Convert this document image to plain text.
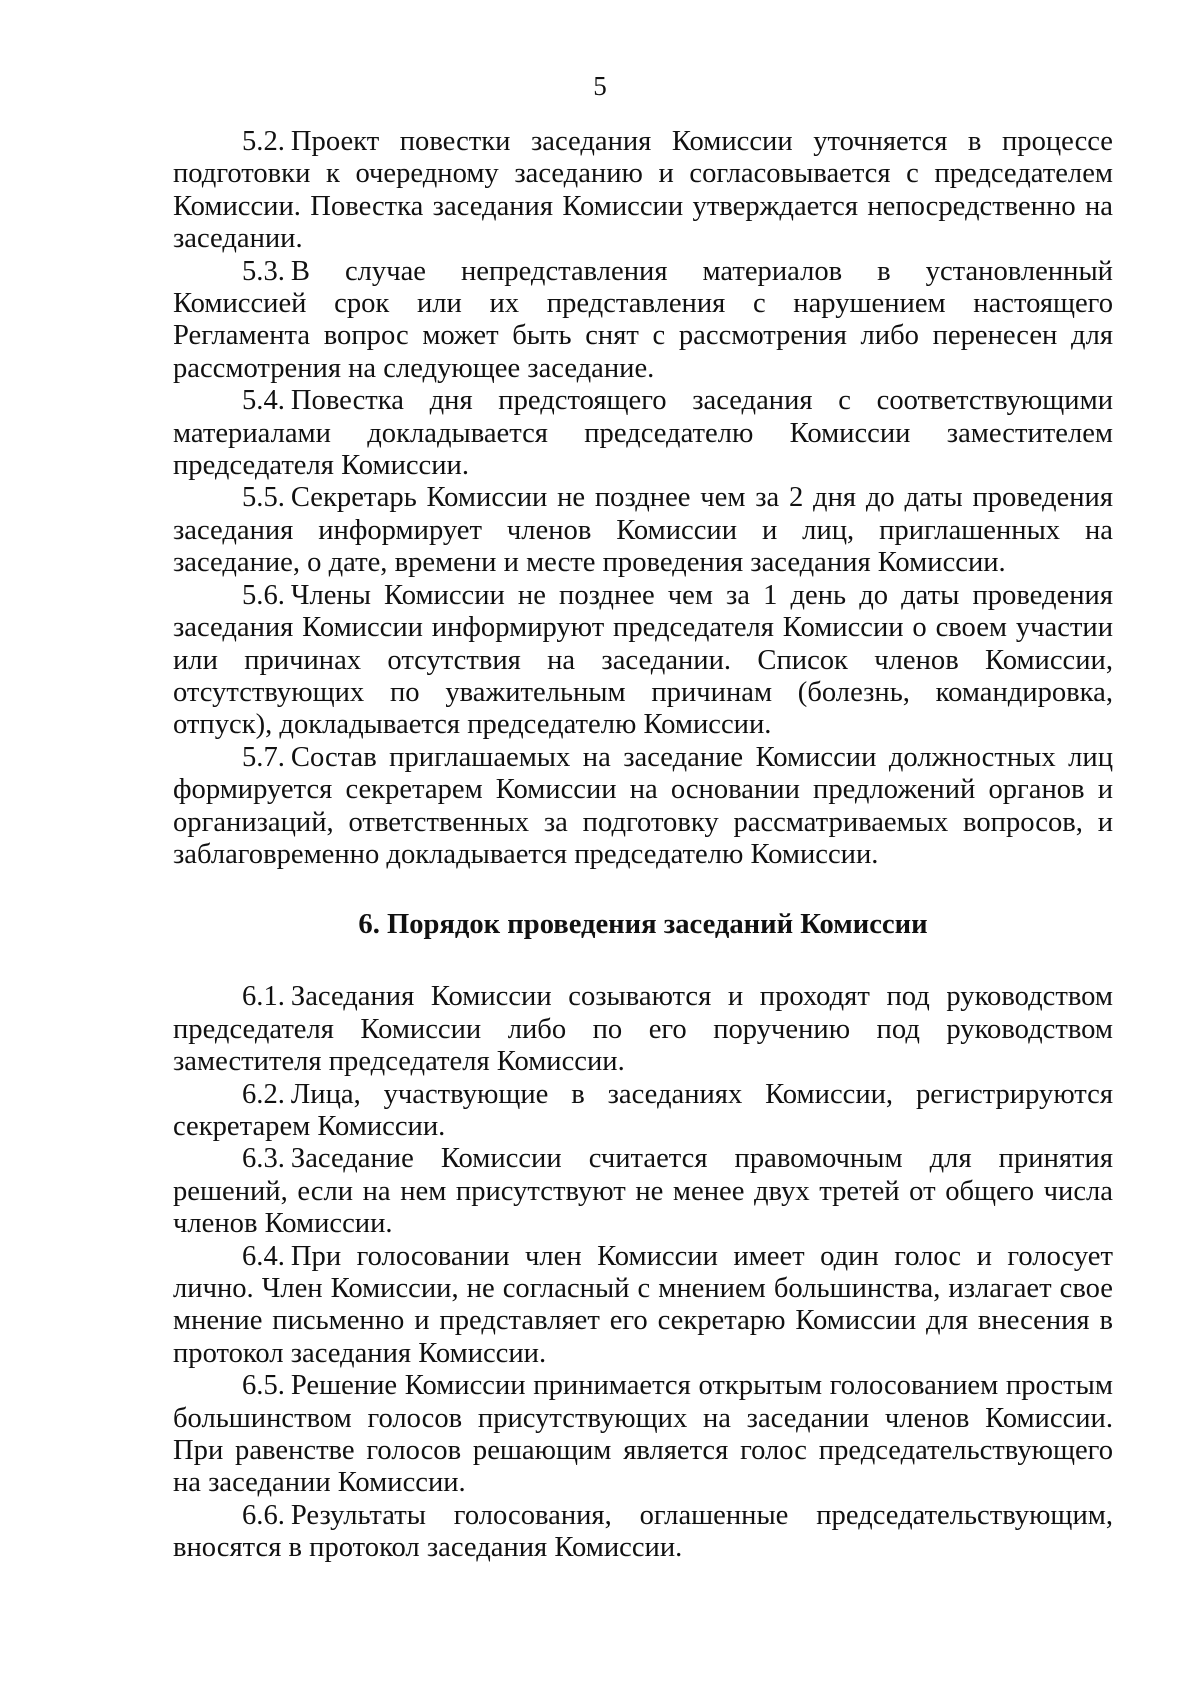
5

5.2. Проект повестки заседания Комиссии уточняется в процессе подготовки к очередному заседанию и согласовывается с председателем Комиссии. Повестка заседания Комиссии утверждается непосредственно на заседании.

5.3. В случае непредставления материалов в установленный Комиссией срок или их представления с нарушением настоящего Регламента вопрос может быть снят с рассмотрения либо перенесен для рассмотрения на следующее заседание.

5.4. Повестка дня предстоящего заседания с соответствующими материалами докладывается председателю Комиссии заместителем председателя Комиссии.

5.5. Секретарь Комиссии не позднее чем за 2 дня до даты проведения заседания информирует членов Комиссии и лиц, приглашенных на заседание, о дате, времени и месте проведения заседания Комиссии.

5.6. Члены Комиссии не позднее чем за 1 день до даты проведения заседания Комиссии информируют председателя Комиссии о своем участии или причинах отсутствия на заседании. Список членов Комиссии, отсутствующих по уважительным причинам (болезнь, командировка, отпуск), докладывается председателю Комиссии.

5.7. Состав приглашаемых на заседание Комиссии должностных лиц формируется секретарем Комиссии на основании предложений органов и организаций, ответственных за подготовку рассматриваемых вопросов, и заблаговременно докладывается председателю Комиссии.

6. Порядок проведения заседаний Комиссии

6.1. Заседания Комиссии созываются и проходят под руководством председателя Комиссии либо по его поручению под руководством заместителя председателя Комиссии.

6.2. Лица, участвующие в заседаниях Комиссии, регистрируются секретарем Комиссии.

6.3. Заседание Комиссии считается правомочным для принятия решений, если на нем присутствуют не менее двух третей от общего числа членов Комиссии.

6.4. При голосовании член Комиссии имеет один голос и голосует лично. Член Комиссии, не согласный с мнением большинства, излагает свое мнение письменно и представляет его секретарю Комиссии для внесения в протокол заседания Комиссии.

6.5. Решение Комиссии принимается открытым голосованием простым большинством голосов присутствующих на заседании членов Комиссии. При равенстве голосов решающим является голос председательствующего на заседании Комиссии.

6.6. Результаты голосования, оглашенные председательствующим, вносятся в протокол заседания Комиссии.
